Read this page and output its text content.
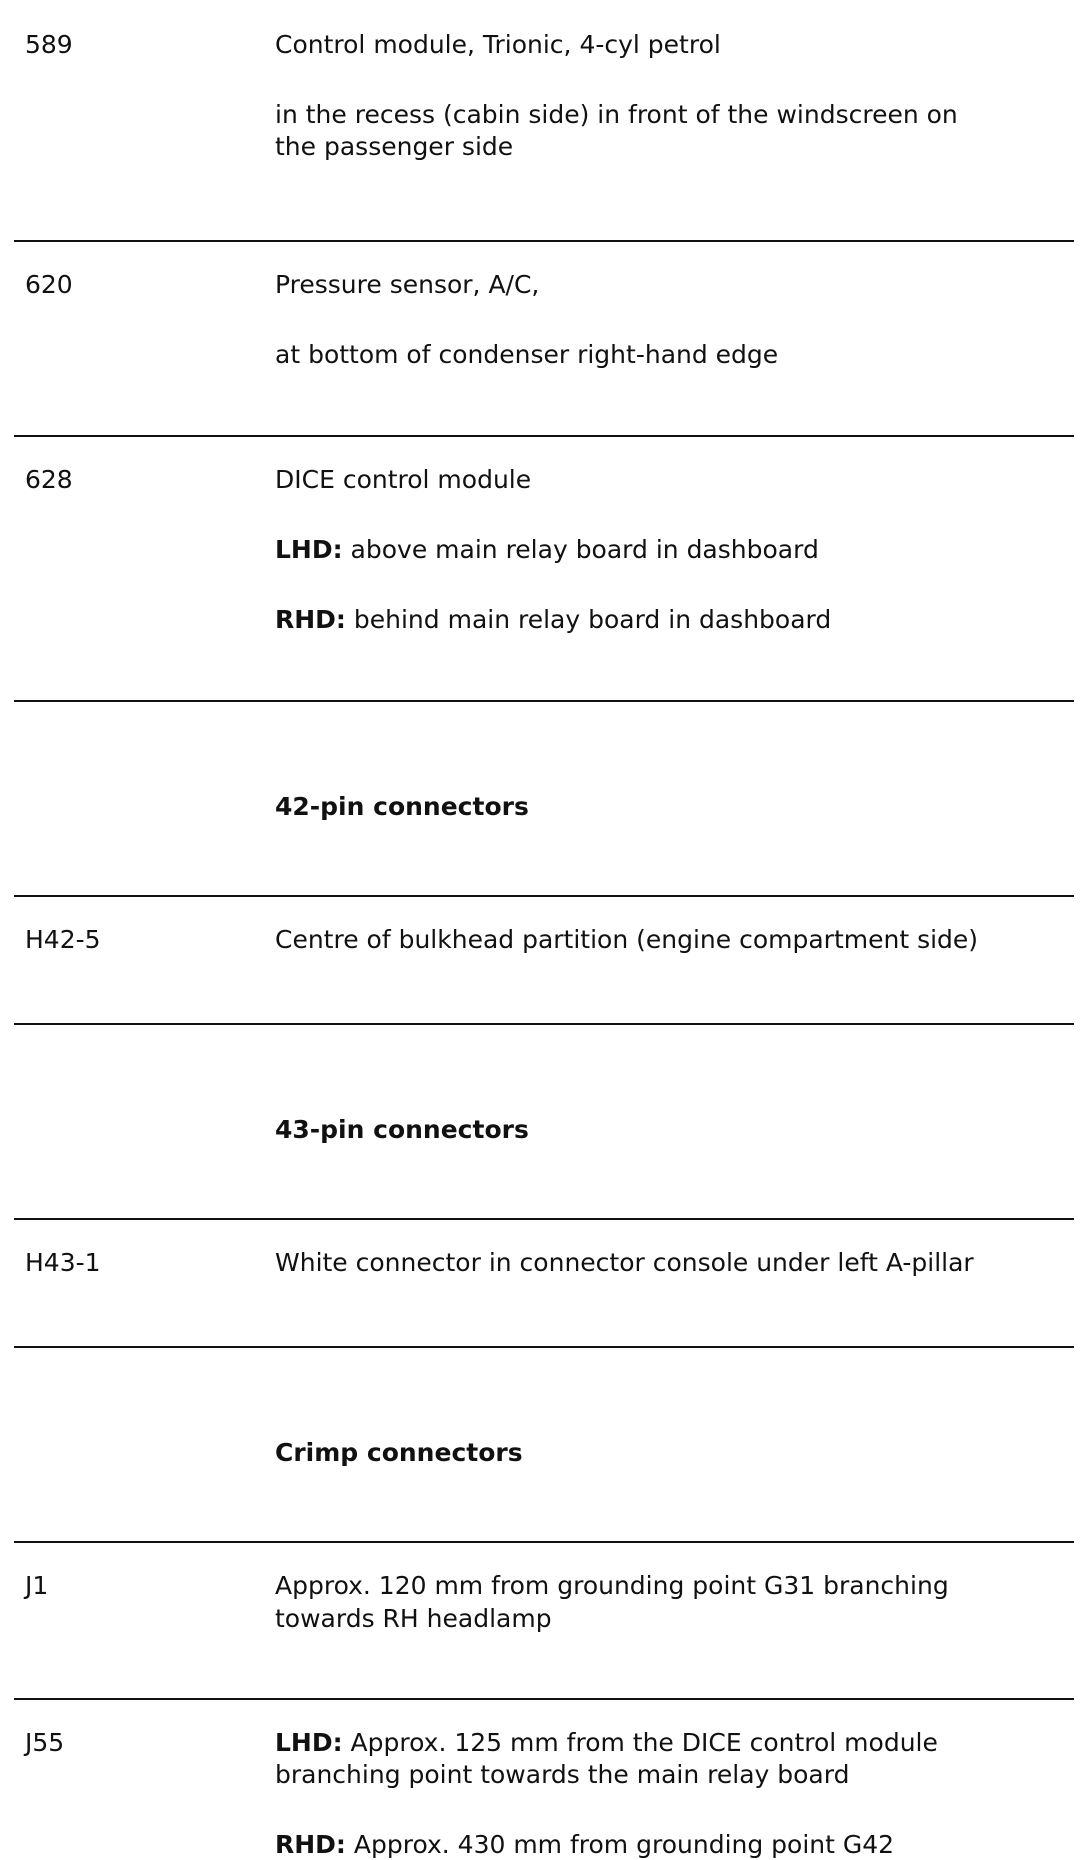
589	Control module, Trionic, 4-cyl petrol
in the recess (cabin side) in front of the windscreen on
the passenger side
620	Pressure sensor, A/C,
at bottom of condenser right-hand edge
628	DICE control module
LHD: above main relay board in dashboard
RHD: behind main relay board in dashboard
42-pin connectors
H42-5	Centre of bulkhead partition (engine compartment side)
43-pin connectors
H43-1	White connector in connector console under left A-pillar
Crimp connectors
J1	Approx. 120 mm from grounding point G31 branching
towards RH headlamp
J55	LHD: Approx. 125 mm from the DICE control module
branching point towards the main relay board
RHD: Approx. 430 mm from grounding point G42
